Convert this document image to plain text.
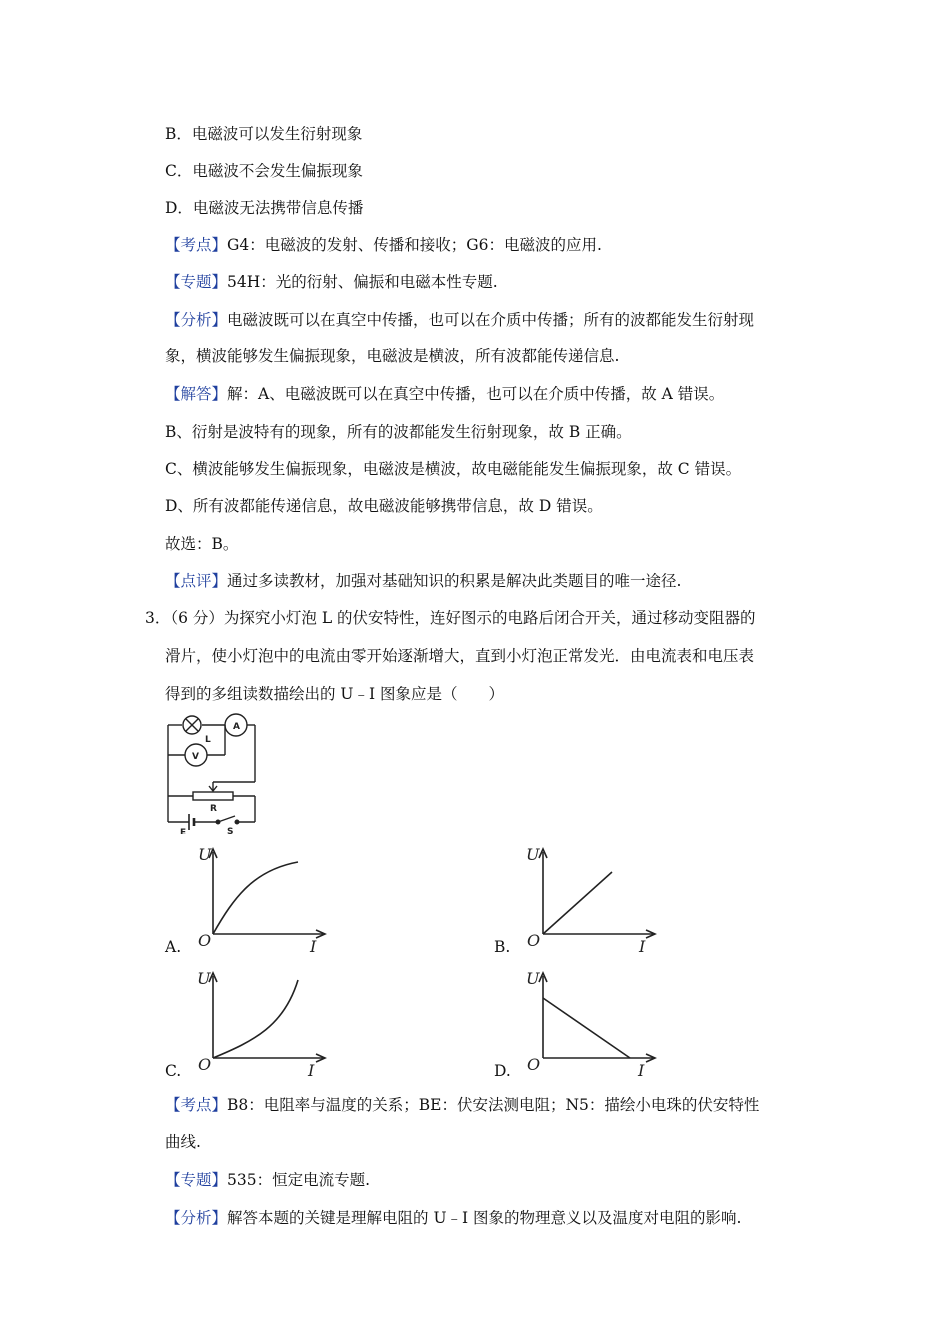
B．电磁波可以发生衍射现象
C．电磁波不会发生偏振现象
D．电磁波无法携带信息传播
【考点】G4：电磁波的发射、传播和接收；G6：电磁波的应用.
【专题】54H：光的衍射、偏振和电磁本性专题.
【分析】电磁波既可以在真空中传播，也可以在介质中传播；所有的波都能发生衍射现
象，横波能够发生偏振现象，电磁波是横波，所有波都能传递信息.
【解答】解：A、电磁波既可以在真空中传播，也可以在介质中传播，故 A 错误。
B、衍射是波特有的现象，所有的波都能发生衍射现象，故 B 正确。
C、横波能够发生偏振现象，电磁波是横波，故电磁能能发生偏振现象，故 C 错误。
D、所有波都能传递信息，故电磁波能够携带信息，故 D 错误。
故选：B。
【点评】通过多读教材，加强对基础知识的积累是解决此类题目的唯一途径.
3．（6 分）为探究小灯泡 L 的伏安特性，连好图示的电路后闭合开关，通过移动变阻器的
滑片，使小灯泡中的电流由零开始逐渐增大，直到小灯泡正常发光．由电流表和电压表
得到的多组读数描绘出的 U﹣I 图象应是（　　）
L
A
V
R
E	S
U
O	I
A.
U
O	I
B.
U
O	I
C.
U
O	I
D.
【考点】B8：电阻率与温度的关系；BE：伏安法测电阻；N5：描绘小电珠的伏安特性
曲线.
【专题】535：恒定电流专题.
【分析】解答本题的关键是理解电阻的 U﹣I 图象的物理意义以及温度对电阻的影响.
